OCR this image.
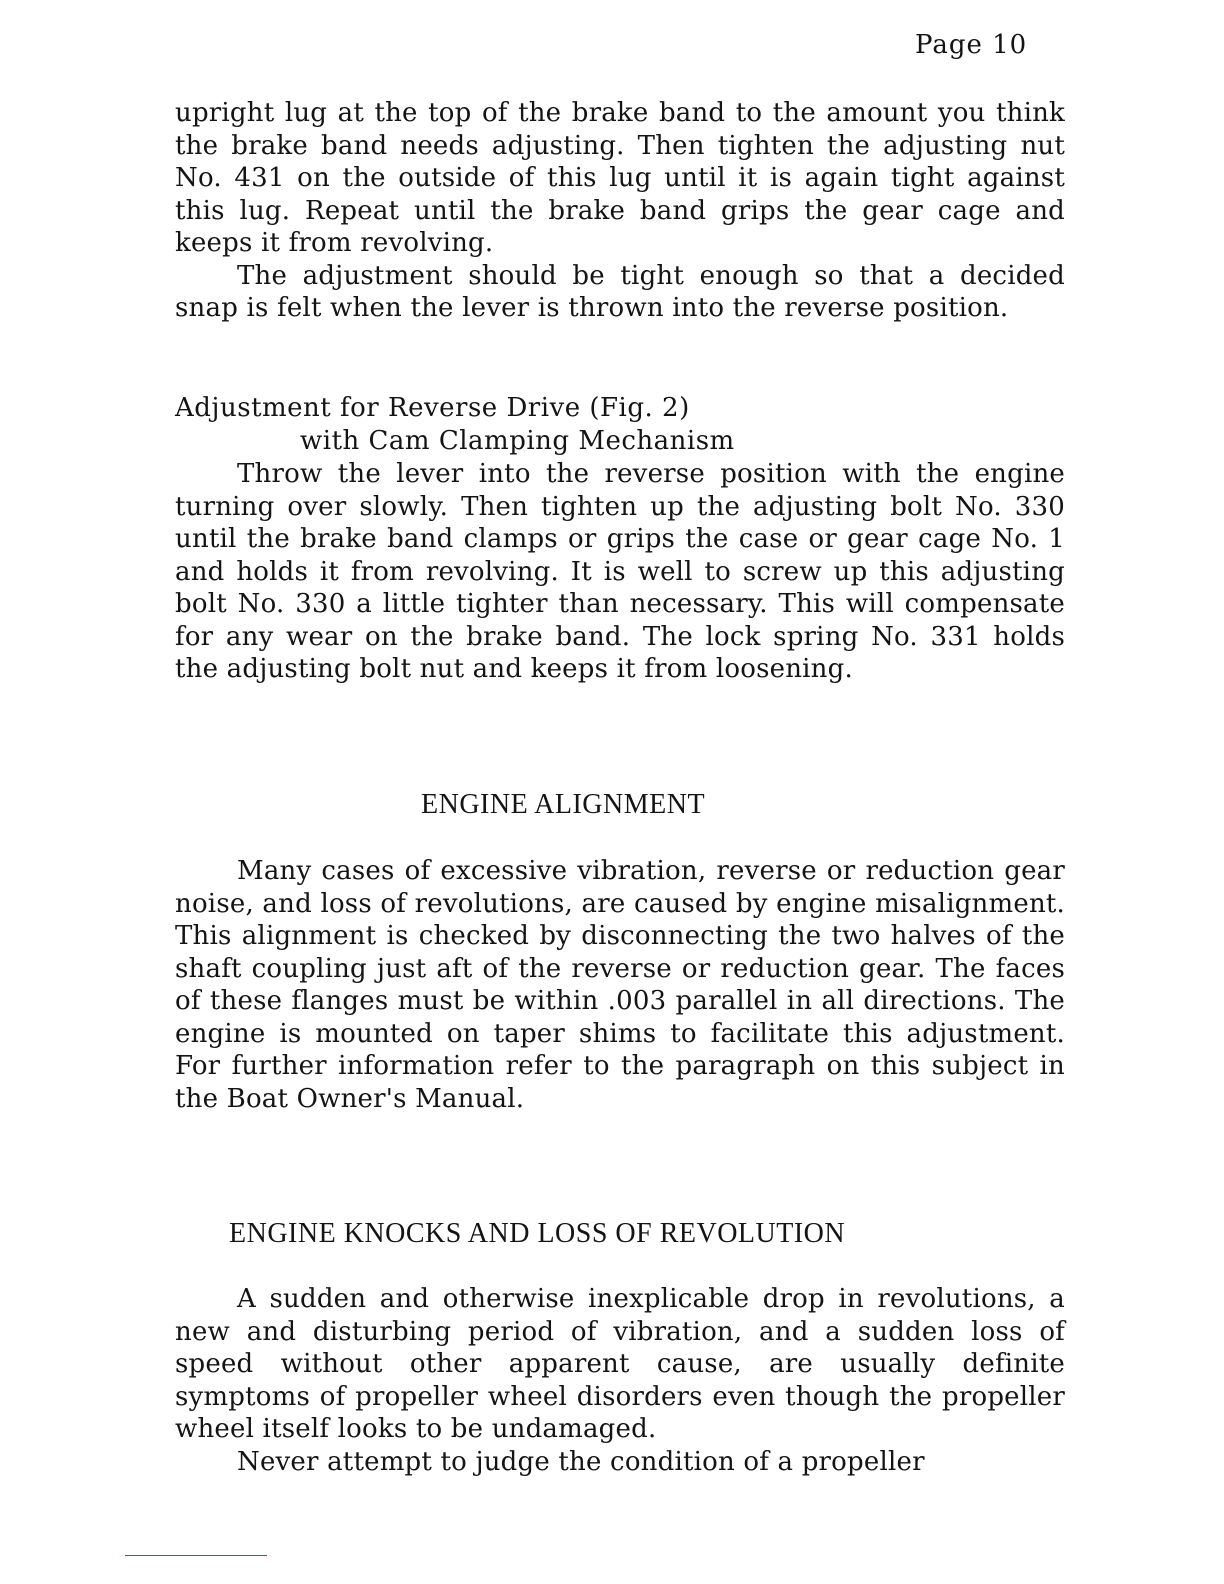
Page 10

upright lug at the top of the brake band to the amount you think the brake band needs adjusting. Then tighten the adjusting nut No. 431 on the outside of this lug until it is again tight against this lug. Repeat until the brake band grips the gear cage and keeps it from revolving.

The adjustment should be tight enough so that a decided snap is felt when the lever is thrown into the reverse position.

Adjustment for Reverse Drive (Fig. 2)

with Cam Clamping Mechanism

Throw the lever into the reverse position with the engine turning over slowly. Then tighten up the adjusting bolt No. 330 until the brake band clamps or grips the case or gear cage No. 1 and holds it from revolving. It is well to screw up this adjusting bolt No. 330 a little tighter than necessary. This will compensate for any wear on the brake band. The lock spring No. 331 holds the adjusting bolt nut and keeps it from loosening.

ENGINE ALIGNMENT

Many cases of excessive vibration, reverse or reduction gear noise, and loss of revolutions, are caused by engine misalignment. This alignment is checked by disconnecting the two halves of the shaft coupling just aft of the reverse or reduction gear. The faces of these flanges must be within .003 parallel in all directions. The engine is mounted on taper shims to facilitate this adjustment. For further information refer to the paragraph on this subject in the Boat Owner's Manual.

ENGINE KNOCKS AND LOSS OF REVOLUTION

A sudden and otherwise inexplicable drop in revolutions, a new and disturbing period of vibration, and a sudden loss of speed without other apparent cause, are usually definite symptoms of propeller wheel disorders even though the propeller wheel itself looks to be undamaged.

Never attempt to judge the condition of a propeller
